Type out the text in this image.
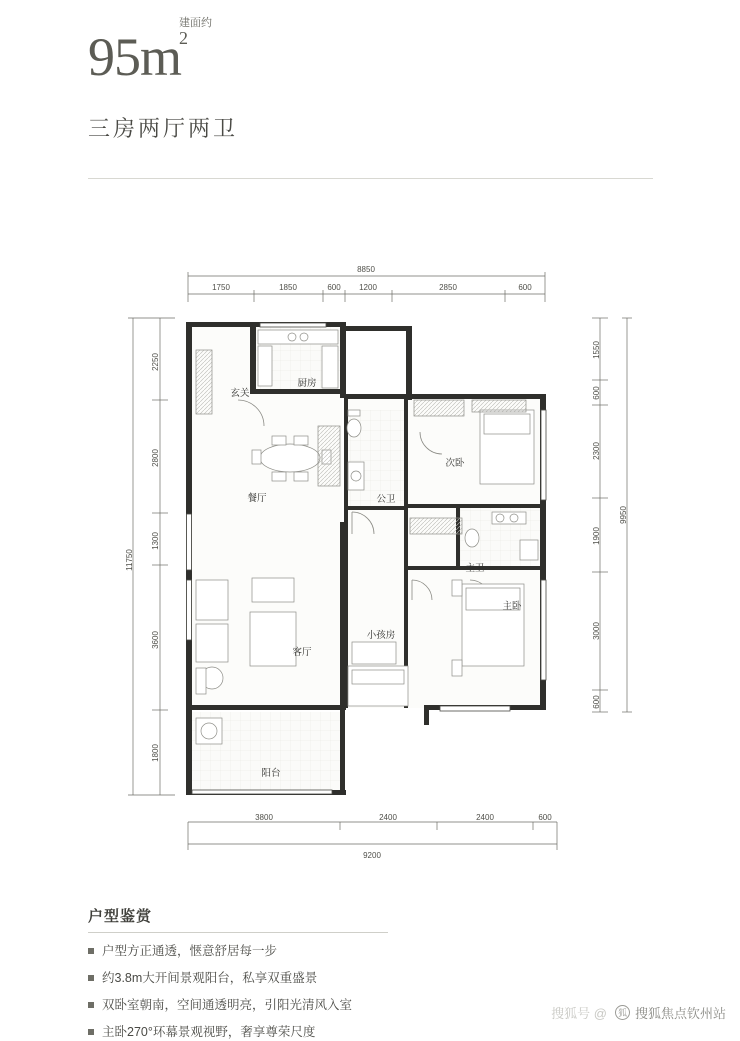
95m
建面约
2
三房两厅两卫
8850
1750	1850	600 1200	2850	600
3800	2400	2400	600
9200
11750
2250
2800
1300
3600
1800
1550
600
2300
1900
3000
600
9950
玄关
厨房
餐厅	公卫
次卧
主卫
主卧
小孩房
客厅
阳台
户型鉴赏
户型方正通透，惬意舒居每一步
约3.8m大开间景观阳台，私享双重盛景
双卧室朝南，空间通透明亮，引阳光清风入室
主卧270°环幕景观视野，奢享尊荣尺度
搜狐号 @	狐 搜狐焦点钦州站
